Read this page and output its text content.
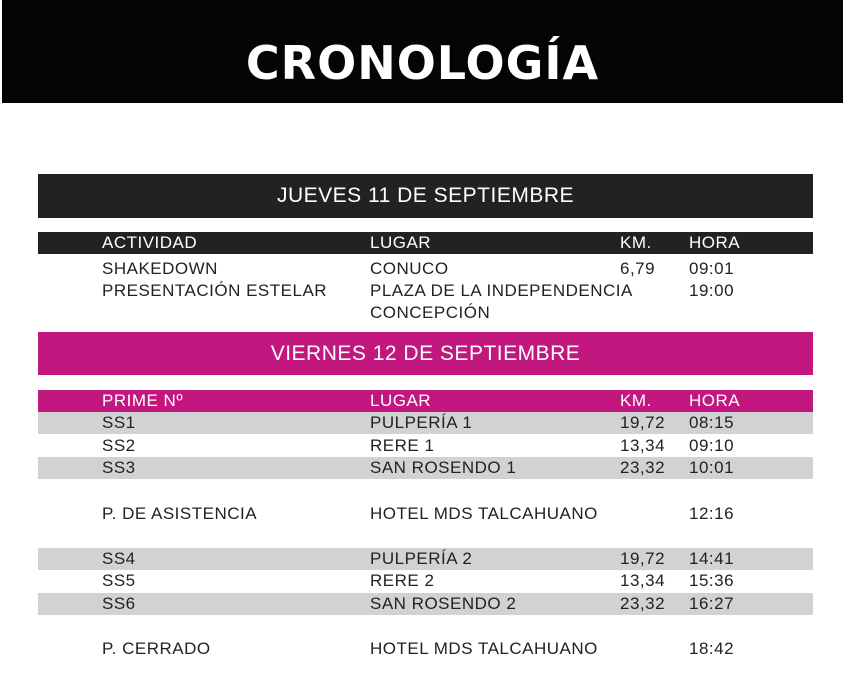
CRONOLOGÍA
JUEVES 11 DE SEPTIEMBRE
ACTIVIDAD	LUGAR	KM. HORA
SHAKEDOWN	CONUCO	6,79 09:01
PRESENTACIÓN ESTELAR	PLAZA DE LA INDEPENDENCIA	19:00
CONCEPCIÓN
VIERNES 12 DE SEPTIEMBRE
PRIME Nº	LUGAR	KM. HORA
SS1	PULPERÍA 1	19,72 08:15
SS2	RERE 1	13,34 09:10
SS3	SAN ROSENDO 1	23,32 10:01
P. DE ASISTENCIA	HOTEL MDS TALCAHUANO	12:16
SS4	PULPERÍA 2	19,72 14:41
SS5	RERE 2	13,34 15:36
SS6	SAN ROSENDO 2	23,32 16:27
P. CERRADO	HOTEL MDS TALCAHUANO	18:42
